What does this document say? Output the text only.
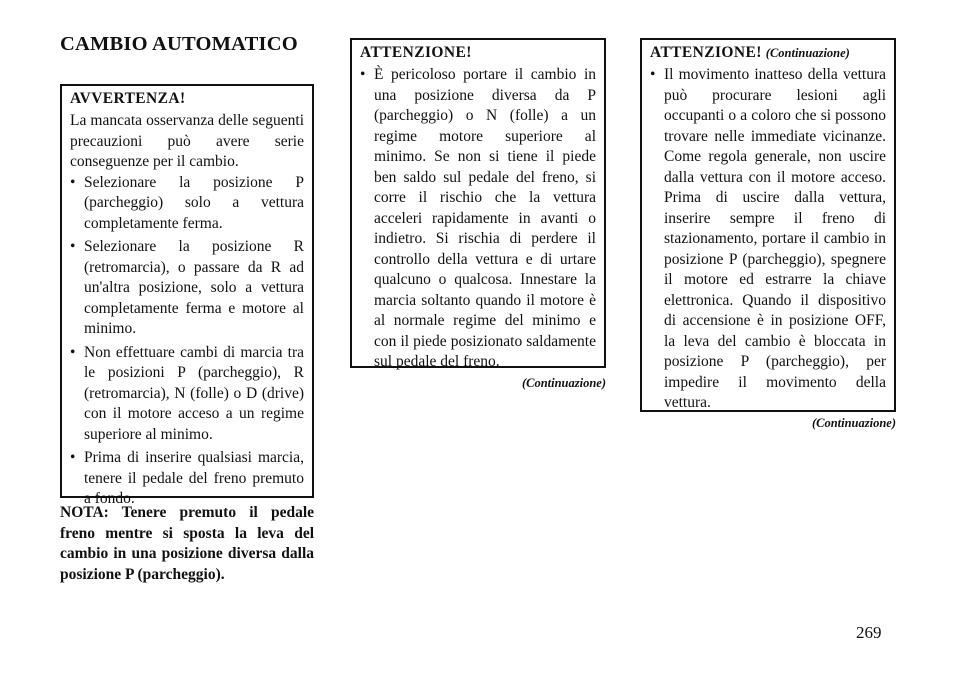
CAMBIO AUTOMATICO
AVVERTENZA!

La mancata osservanza delle seguenti precauzioni può avere serie conseguenze per il cambio.

• Selezionare la posizione P (parcheggio) solo a vettura completamente ferma.
• Selezionare la posizione R (retromarcia), o passare da R ad un'altra posizione, solo a vettura completamente ferma e motore al minimo.
• Non effettuare cambi di marcia tra le posizioni P (parcheggio), R (retromarcia), N (folle) o D (drive) con il motore acceso a un regime superiore al minimo.
• Prima di inserire qualsiasi marcia, tenere il pedale del freno premuto a fondo.

NOTA: Tenere premuto il pedale freno mentre si sposta la leva del cambio in una posizione diversa dalla posizione P (parcheggio).

ATTENZIONE!
• È pericoloso portare il cambio in una posizione diversa da P (parcheggio) o N (folle) a un regime motore superiore al minimo. Se non si tiene il piede ben saldo sul pedale del freno, si corre il rischio che la vettura acceleri rapidamente in avanti o indietro. Si rischia di perdere il controllo della vettura e di urtare qualcuno o qualcosa. Innestare la marcia soltanto quando il motore è al normale regime del minimo e con il piede posizionato saldamente sul pedale del freno.
(Continuazione)
ATTENZIONE! (Continuazione)
• Il movimento inatteso della vettura può procurare lesioni agli occupanti o a coloro che si possono trovare nelle immediate vicinanze. Come regola generale, non uscire dalla vettura con il motore acceso. Prima di uscire dalla vettura, inserire sempre il freno di stazionamento, portare il cambio in posizione P (parcheggio), spegnere il motore ed estrarre la chiave elettronica. Quando il dispositivo di accensione è in posizione OFF, la leva del cambio è bloccata in posizione P (parcheggio), per impedire il movimento della vettura.
(Continuazione)

269
